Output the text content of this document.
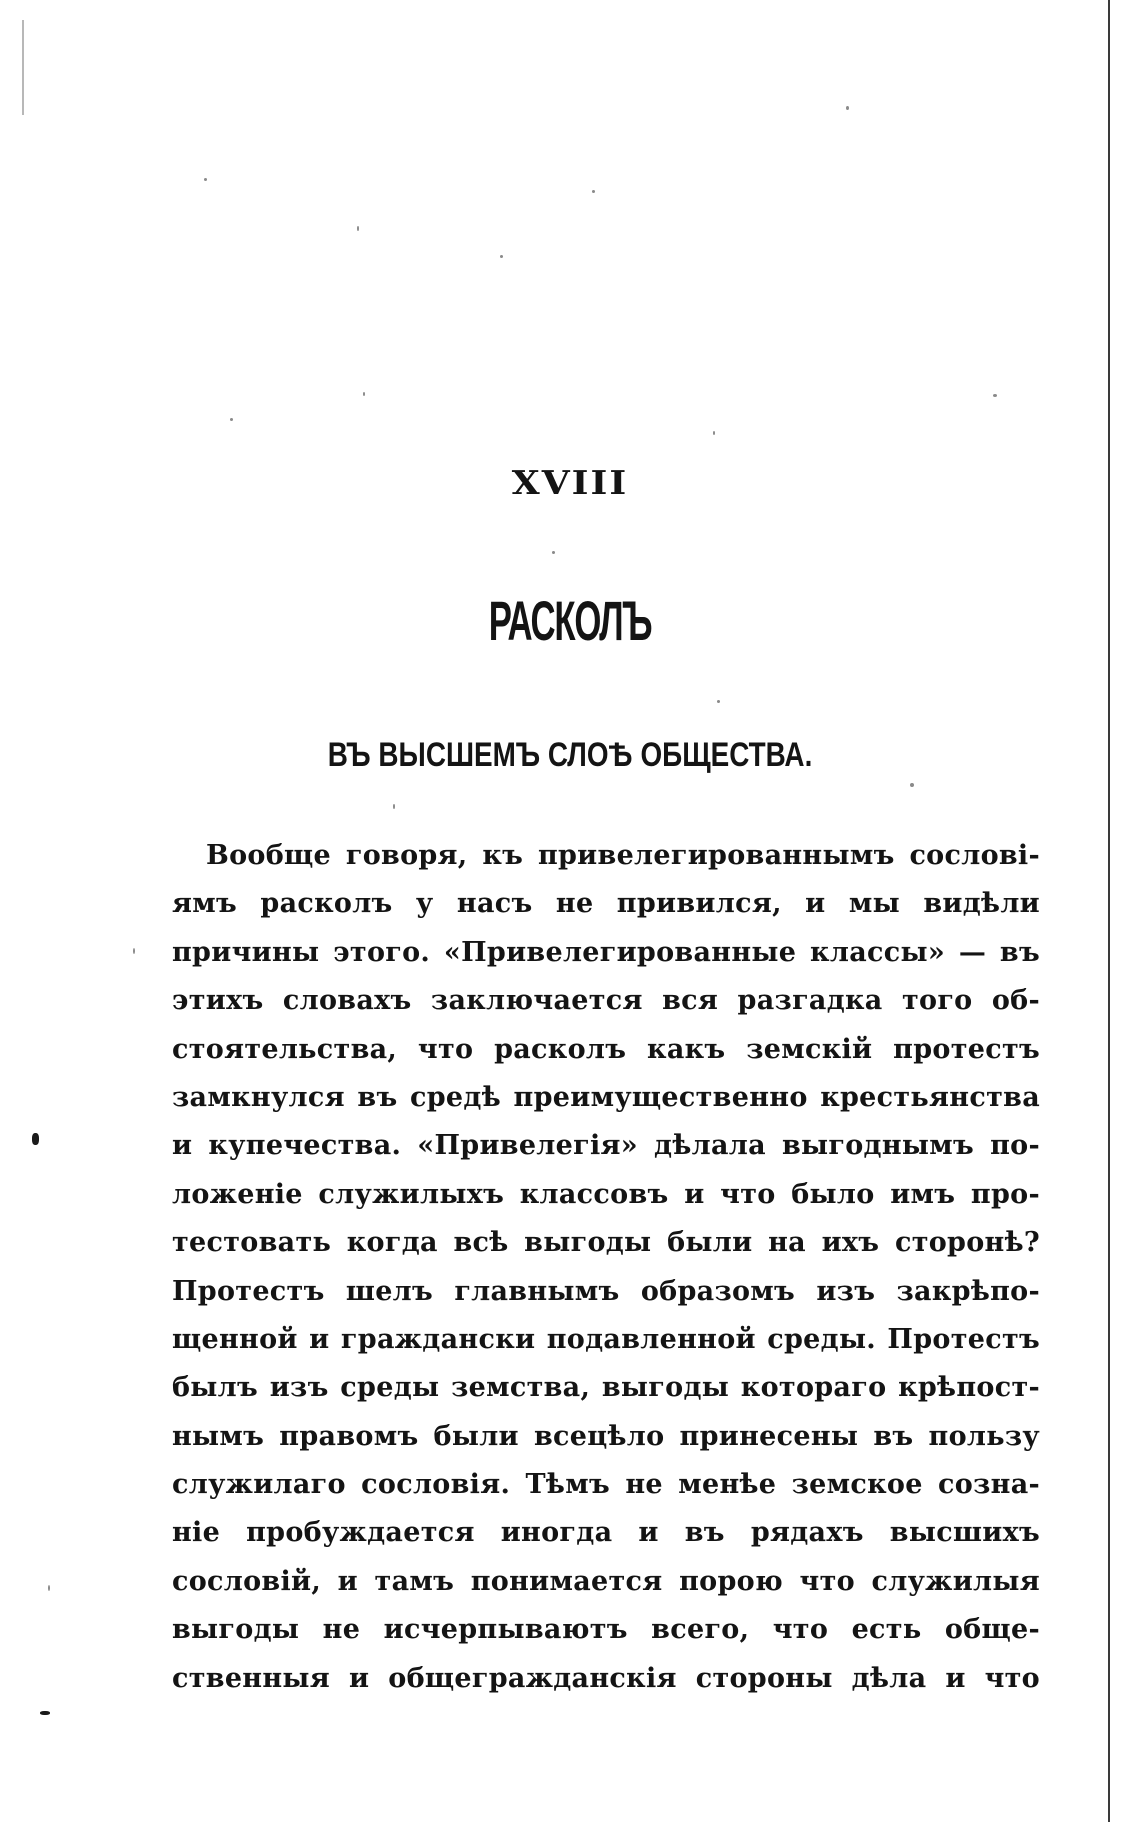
XVIII
РАСКОЛЪ
ВЪ ВЫСШЕМЪ СЛОѢ ОБЩЕСТВА.
Вообще говоря, къ привелегированнымъ сословi-
ямъ расколъ у насъ не привился, и мы видѣли
причины этого. «Привелегированные классы» — въ
этихъ словахъ заключается вся разгадка того об-
стоятельства, что расколъ какъ земскiй протестъ
замкнулся въ средѣ преимущественно крестьянства
и купечества. «Привелегiя» дѣлала выгоднымъ по-
ложенiе служилыхъ классовъ и что было имъ про-
тестовать когда всѣ выгоды были на ихъ сторонѣ?
Протестъ шелъ главнымъ образомъ изъ закрѣпо-
щенной и граждански подавленной среды. Протестъ
былъ изъ среды земства, выгоды котораго крѣпост-
нымъ правомъ были всецѣло принесены въ пользу
служилаго сословiя. Тѣмъ не менѣе земское созна-
нiе пробуждается иногда и въ рядахъ высшихъ
сословiй, и тамъ понимается порою что служилыя
выгоды не исчерпываютъ всего, что есть обще-
ственныя и общегражданскiя стороны дѣла и что
